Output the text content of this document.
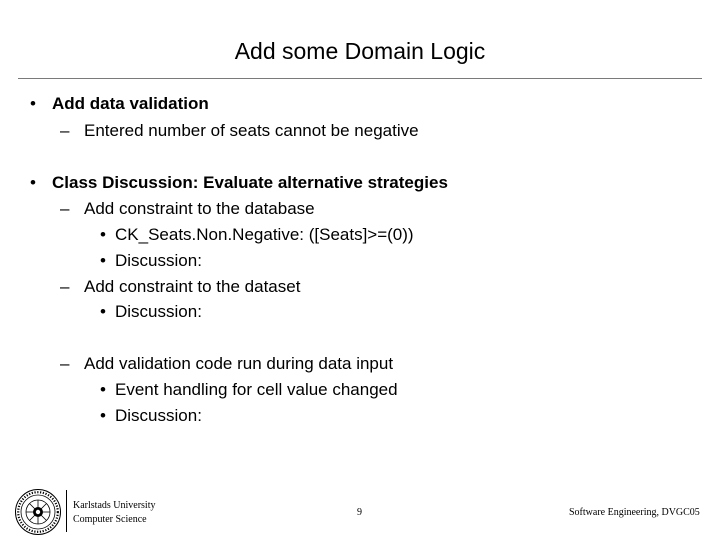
Add some Domain Logic
• Add data validation
– Entered number of seats cannot be negative
• Class Discussion: Evaluate alternative strategies
– Add constraint to the database
• CK_Seats.Non.Negative: ([Seats]>=(0))
• Discussion:
– Add constraint to the dataset
• Discussion:
– Add validation code run during data input
• Event handling for cell value changed
• Discussion:
Karlstads University
Computer Science
9	Software Engineering, DVGC05
